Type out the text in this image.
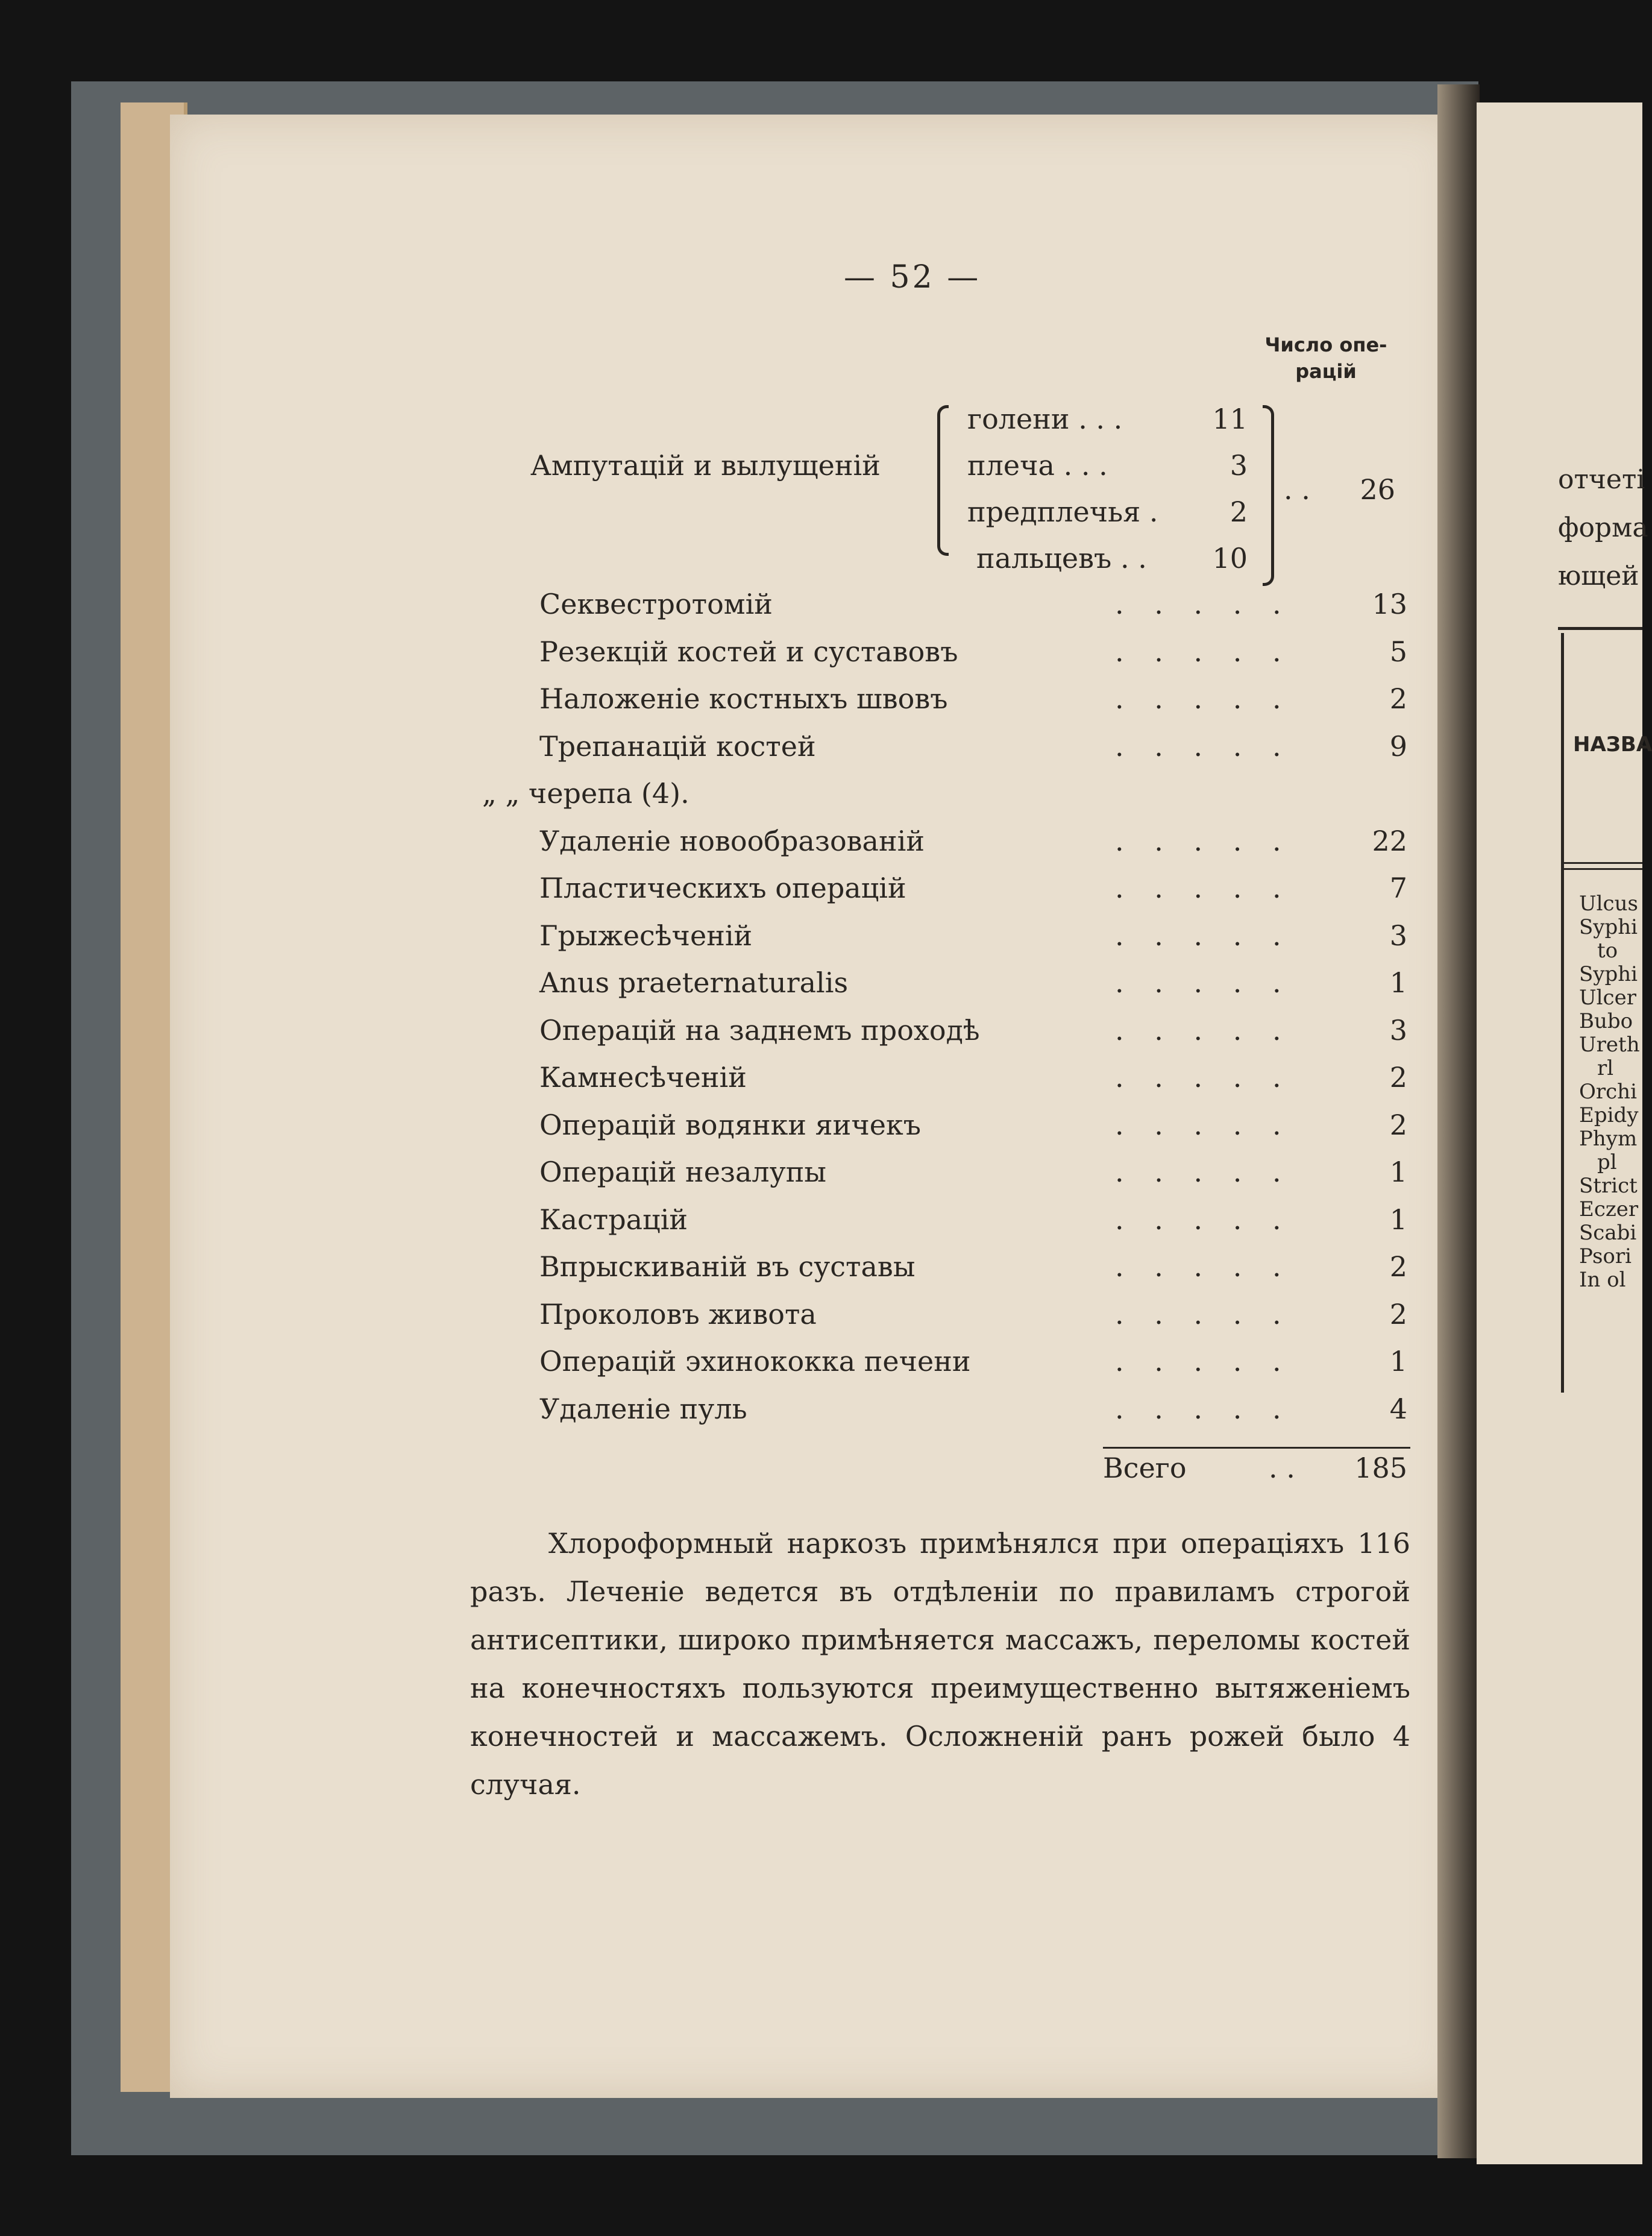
— 52 —
Число опе-
рацій
Ампутацій и вылущеній
голени . . .	11
плеча . . .	3
предплечья .	2
пальцевъ . .	10
. .	26
Секвестротомій	. . . . .	13
Резекцій костей и суставовъ	. . . . .	5
Наложеніе костныхъ швовъ	. . . . .	2
Трепанацій костей	. . . . .	9
„ „ черепа (4).
Удаленіе новообразованій	. . . . .	22
Пластическихъ операцій	. . . . .	7
Грыжесѣченій	. . . . .	3
Anus praeternaturalis	. . . . .	1
Операцій на заднемъ проходѣ	. . . . .	3
Камнесѣченій	. . . . .	2
Операцій водянки яичекъ	. . . . .	2
Операцій незалупы	. . . . .	1
Кастрацій	. . . . .	1
Впрыскиваній въ суставы	. . . . .	2
Проколовъ живота	. . . . .	2
Операцій эхинококка печени	. . . . .	1
Удаленіе пуль	. . . . .	4
Всего	. .	185
Хлороформный наркозъ примѣнялся при операціяхъ 116 разъ. Леченіе ведется въ отдѣленіи по правиламъ строгой антисептики, широко примѣняется массажъ, переломы костей на конечностяхъ пользуются преимущественно вытяженіемъ конечностей и массажемъ. Осложненій ранъ рожей было 4 случая.
отчеті
форма
ющей
НАЗВА
Ulcus
Syphi
to
Syphi
Ulcer
Bubo
Ureth
rl
Orchi
Epidy
Phym
pl
Strict
Eczer
Scabi
Psori
In ol
